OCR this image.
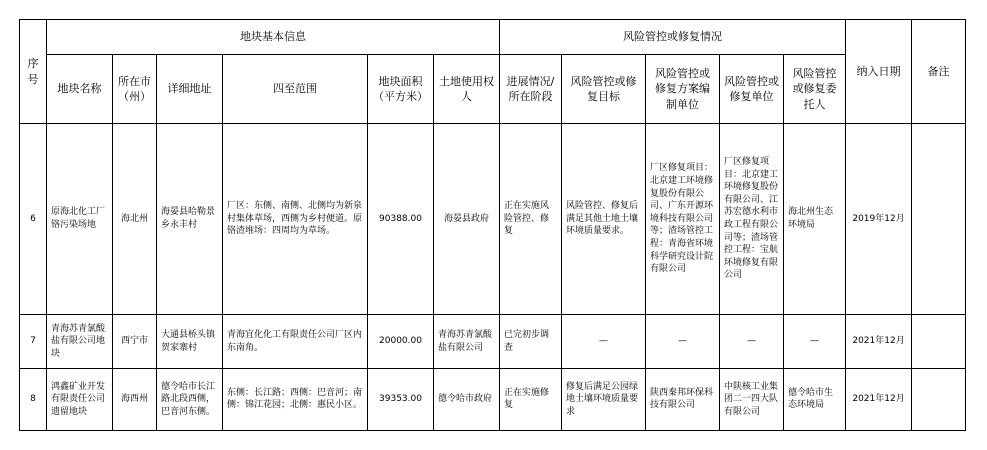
序号	地块基本信息						风险管控或修复情况					纳入日期	备注
	地块名称	所在市（州）	详细地址	四至范围	地块面积（平方米）	土地使用权人	进展情况/所在阶段	风险管控或修复目标	风险管控或修复方案编制单位	风险管控或修复单位	风险管控或修复委托人		
6	原海北化工厂铬污染场地	海北州	海晏县哈勒景乡永丰村	厂区：东侧、南侧、北侧均为新泉村集体草场，西侧为乡村便道。原铬渣堆场：四周均为草场。	90388.00	海晏县政府	正在实施风险管控、修复	风险管控、修复后满足其他土地土壤环境质量要求。	厂区修复项目：北京建工环境修复股份有限公司、广东开源环境科技有限公司等；渣场管控工程：青海省环境科学研究设计院有限公司	厂区修复项目：北京建工环境修复股份有限公司、江苏宏德水利市政工程有限公司等；渣场管控工程：宝航环境修复有限公司	海北州生态环境局	2019年12月	
7	青海苏青氯酸盐有限公司地块	西宁市	大通县桥头镇贺家寨村	青海宜化化工有限责任公司厂区内东南角。	20000.00	青海苏青氯酸盐有限公司	已完初步调查	—	—	—	—	2021年12月	
8	鸿鑫矿业开发有限责任公司遗留地块	海西州	德令哈市长江路北段西侧，巴音河东侧。	东侧：长江路；西侧：巴音河；南侧：锦江花园；北侧：惠民小区。	39353.00	德令哈市政府	正在实施修复	修复后满足公园绿地土壤环境质量要求	陕西秦邦环保科技有限公司	中陕核工业集团二一四大队有限公司	德令哈市生态环境局	2021年12月	
